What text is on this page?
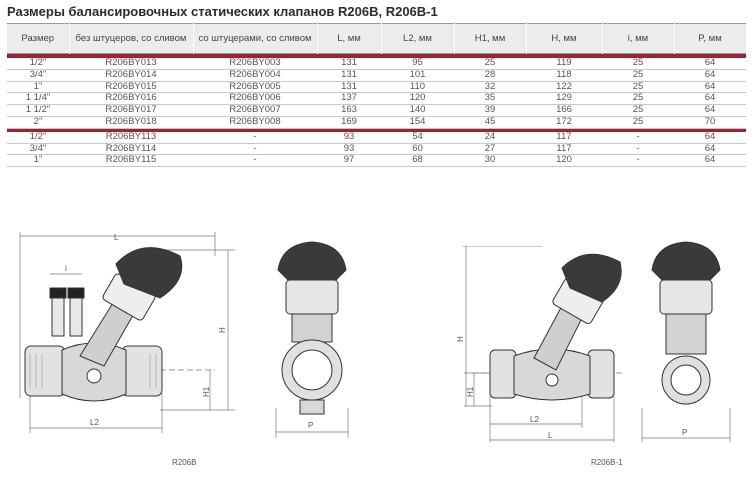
Размеры балансировочных статических клапанов R206B, R206B-1
Размер	без штуцеров, со сливом	со штуцерами, со сливом	L, мм	L2, мм	H1, мм	H, мм	i, мм	P, мм

1/2"	R206BY013	R206BY003	131	95	25	119	25	64
3/4"	R206BY014	R206BY004	131	101	28	118	25	64
1"	R206BY015	R206BY005	131	110	32	122	25	64
1 1/4"	R206BY016	R206BY006	137	120	35	129	25	64
1 1/2"	R206BY017	R206BY007	163	140	39	166	25	64
2"	R206BY018	R206BY008	169	154	45	172	25	70

1/2"	R206BY113	-	93	54	24	117	-	64
3/4"	R206BY114	-	93	60	27	117	-	64
1"	R206BY115	-	97	68	30	120	-	64
L
L2
i
H
H1
P
H
H1
L2
L	P
R206B	R206B-1
